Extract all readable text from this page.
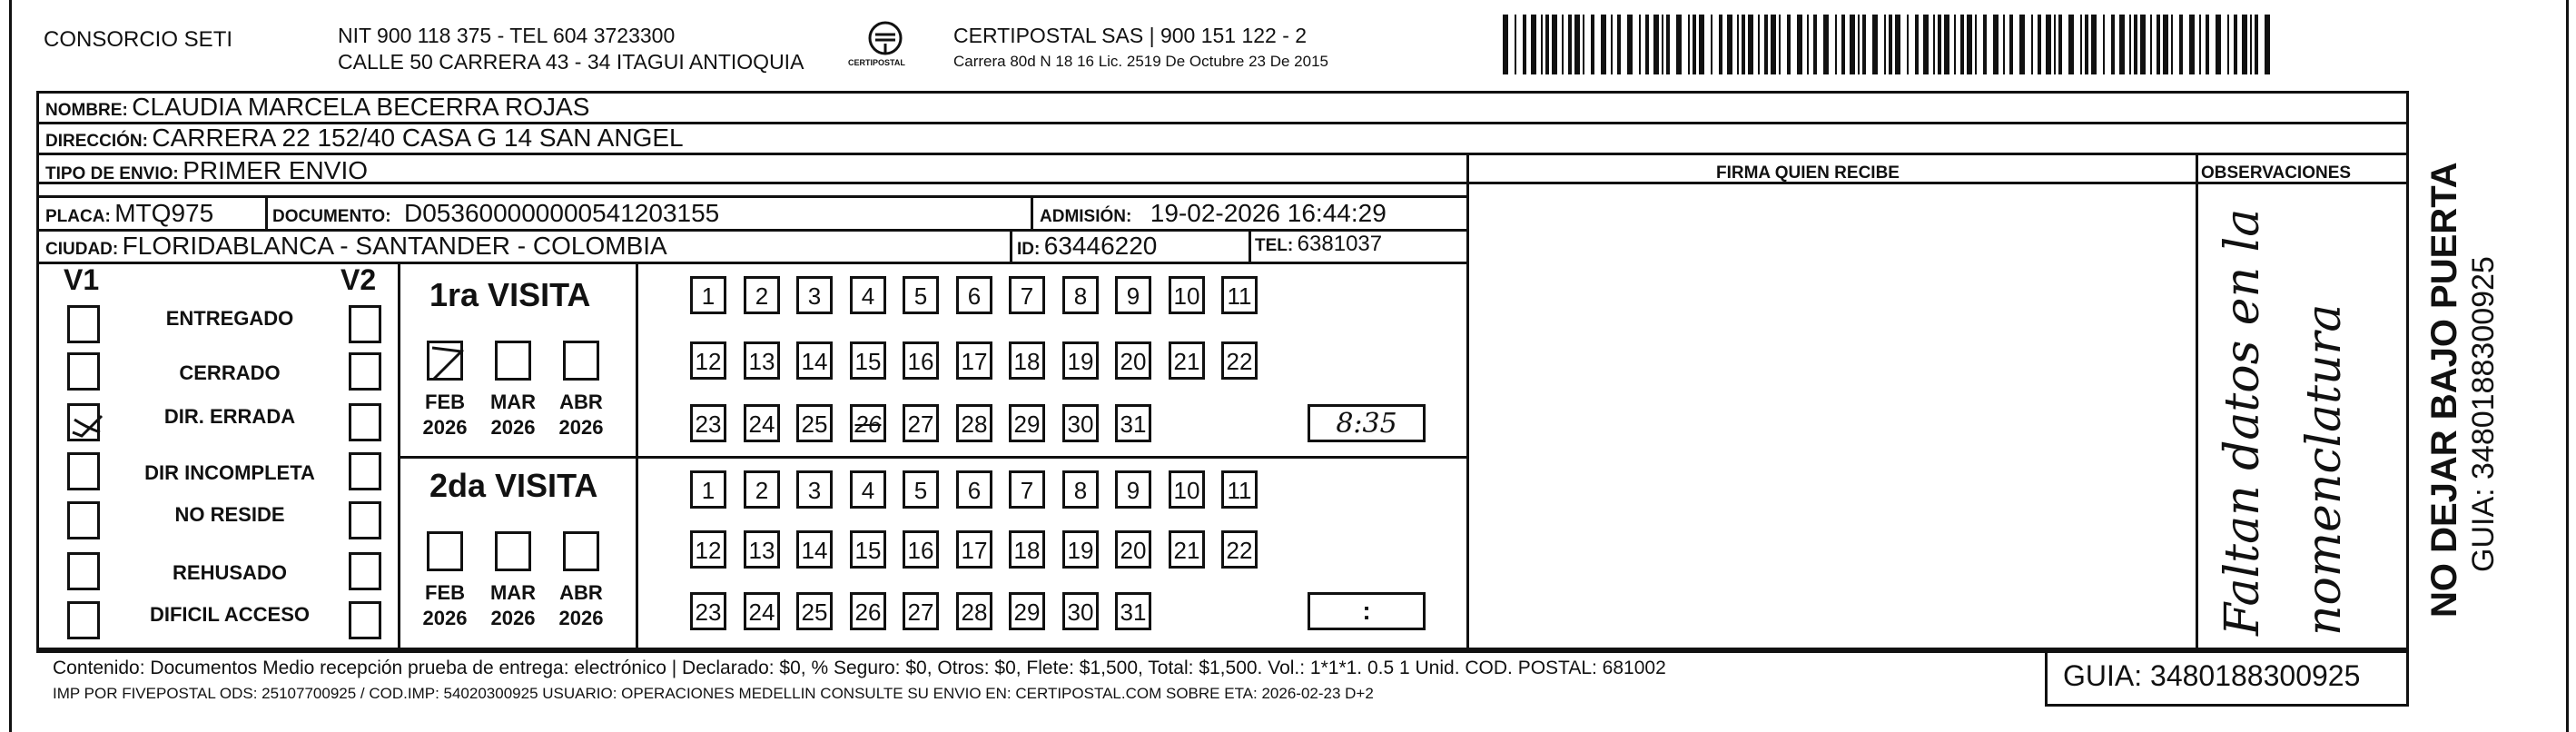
CONSORCIO SETI	NIT 900 118 375 - TEL 604 3723300
CALLE 50 CARRERA 43 - 34 ITAGUI ANTIOQUIA	CERTIPOSTAL
CERTIPOSTAL SAS | 900 151 122 - 2
Carrera 80d N 18 16 Lic. 2519 De Octubre 23 De 2015
NOMBRE: CLAUDIA MARCELA BECERRA ROJAS
DIRECCIÓN: CARRERA 22 152/40 CASA G 14 SAN ANGEL
TIPO DE ENVIO: PRIMER ENVIO	FIRMA QUIEN RECIBE	OBSERVACIONES
PLACA: MTQ975	DOCUMENTO: D053600000000541203155	ADMISIÓN: 19-02-2026 16:44:29
CIUDAD: FLORIDABLANCA - SANTANDER - COLOMBIA	ID: 63446220	TEL: 6381037
V1	V2
ENTREGADO
CERRADO
DIR. ERRADA
DIR INCOMPLETA
NO RESIDE
REHUSADO
DIFICIL ACCESO
1ra VISITA
2da VISITA
FEB
2026
MAR
2026
ABR
2026
FEB
2026
MAR
2026
ABR
2026
1	2	3	4	5	6	7	8	9	10 11
12 13 14 15 16 17 18 19 20 21 22
23 24 25 26 27 28 29 30 31
1	2	3	4	5	6	7	8	9	10 11
12 13 14 15 16 17 18 19 20 21 22
23 24 25 26 27 28 29 30 31
8:35
:	Faltan datos en la nomenclatura NO DEJAR BAJO PUERTA GUIA: 3480188300925
Contenido: Documentos Medio recepción prueba de entrega: electrónico | Declarado: $0, % Seguro: $0, Otros: $0, Flete: $1,500, Total: $1,500. Vol.: 1*1*1. 0.5 1 Unid. COD. POSTAL: 681002
IMP POR FIVEPOSTAL ODS: 25107700925 / COD.IMP: 54020300925 USUARIO: OPERACIONES MEDELLIN CONSULTE SU ENVIO EN: CERTIPOSTAL.COM SOBRE ETA: 2026-02-23 D+2
GUIA: 3480188300925
